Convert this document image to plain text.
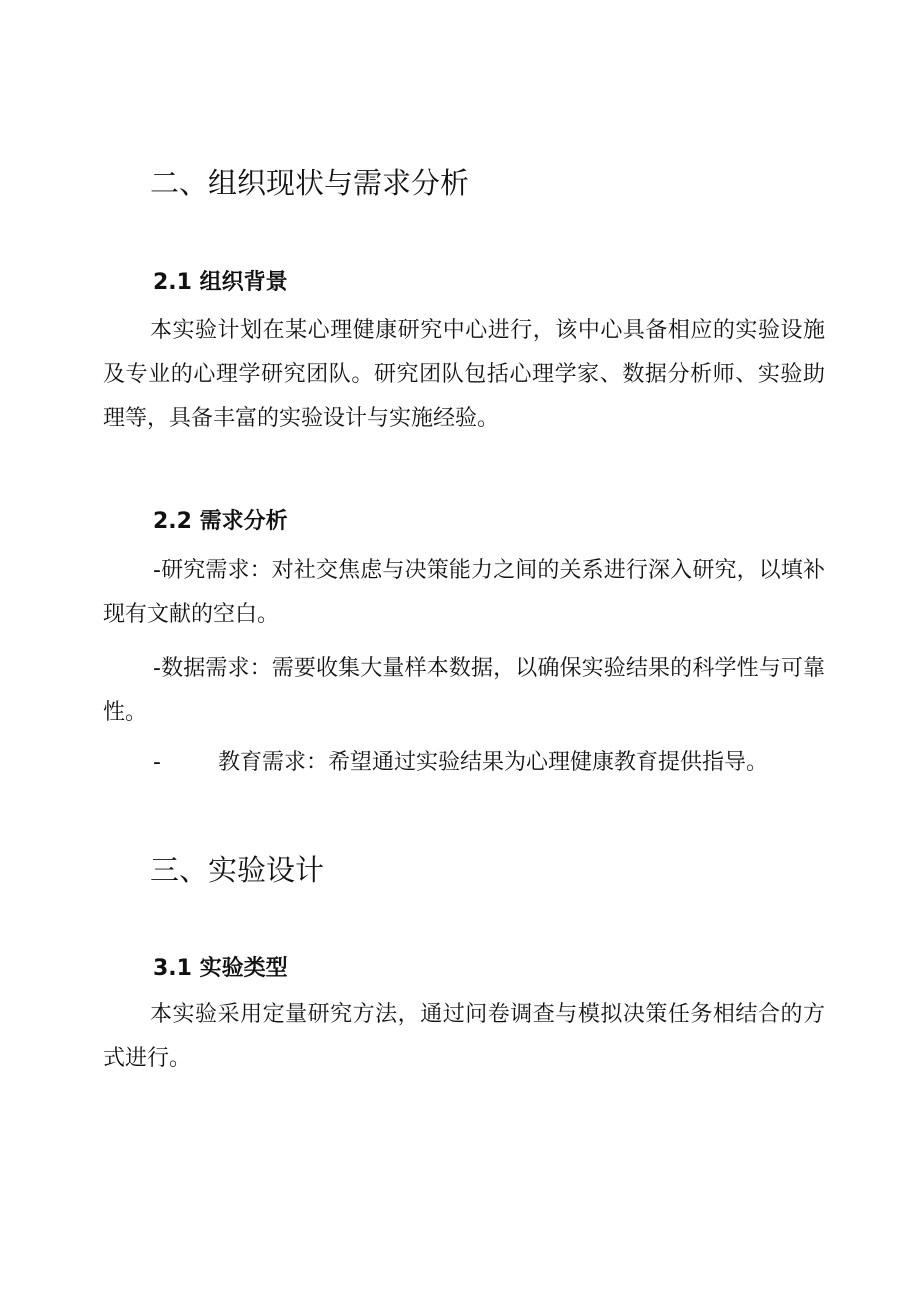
二、组织现状与需求分析
2.1 组织背景

本实验计划在某心理健康研究中心进行，该中心具备相应的实验设施及专业的心理学研究团队。研究团队包括心理学家、数据分析师、实验助理等，具备丰富的实验设计与实施经验。

2.2 需求分析

-研究需求：对社交焦虑与决策能力之间的关系进行深入研究，以填补现有文献的空白。

-数据需求：需要收集大量样本数据，以确保实验结果的科学性与可靠性。

-	教育需求：希望通过实验结果为心理健康教育提供指导。

三、实验设计
3.1 实验类型

本实验采用定量研究方法，通过问卷调查与模拟决策任务相结合的方式进行。
